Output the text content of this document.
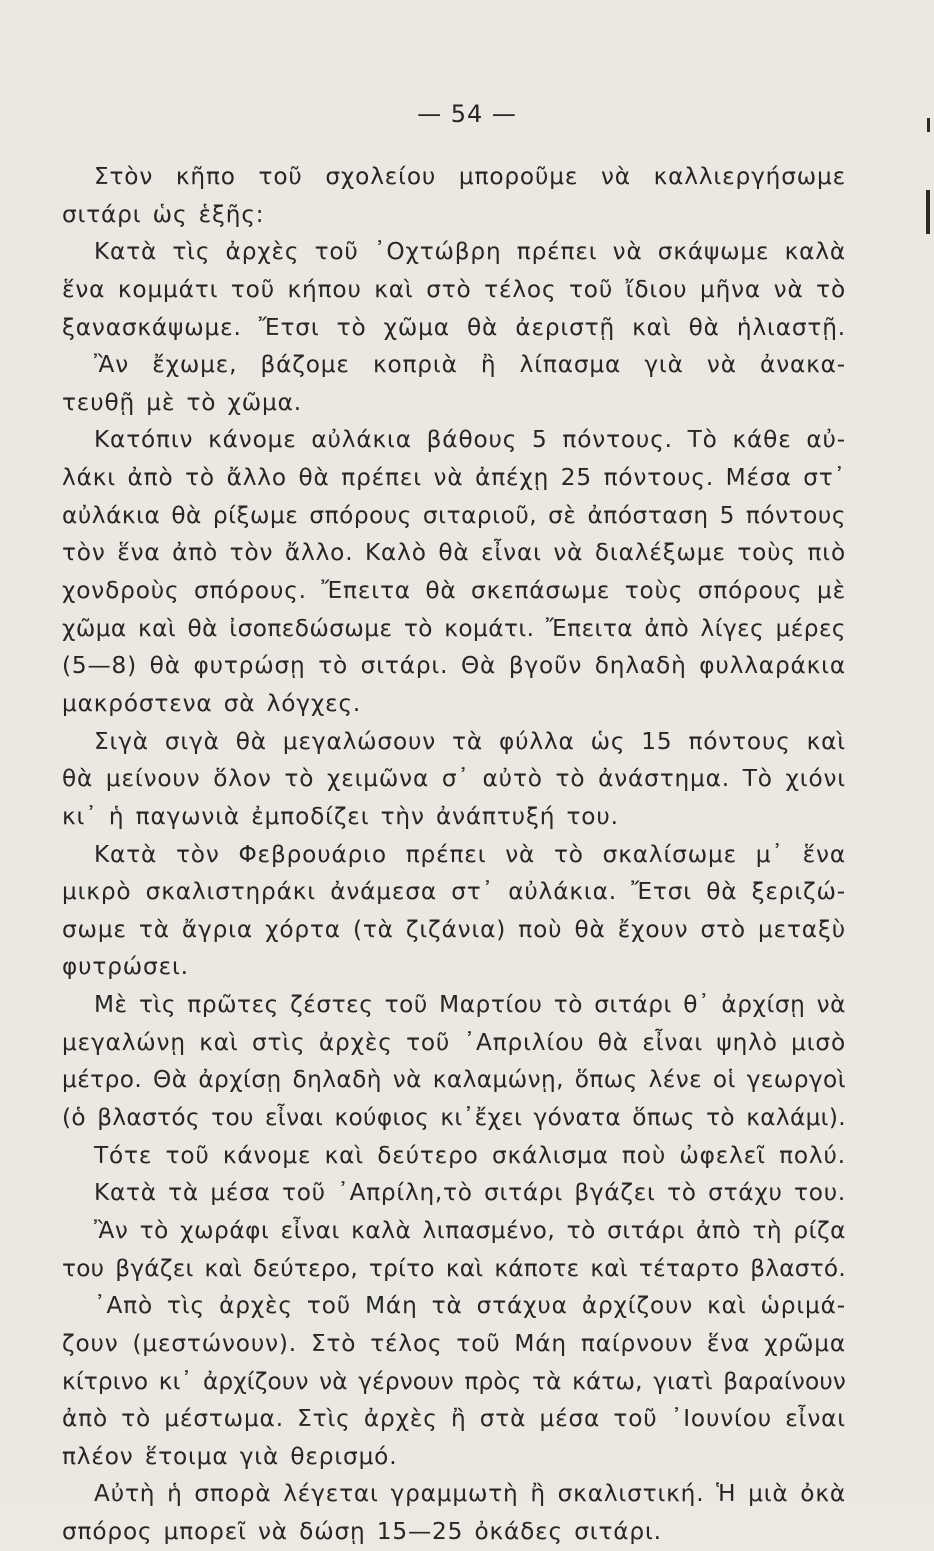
— 54 —
Στὸν κῆπο τοῦ σχολείου μποροῦμε νὰ καλλιεργήσωμε
σιτάρι ὡς ἑξῆς:
Κατὰ τὶς ἀρχὲς τοῦ ᾿Οχτώβρη πρέπει νὰ σκάψωμε καλὰ
ἕνα κομμάτι τοῦ κήπου καὶ στὸ τέλος τοῦ ἴδιου μῆνα νὰ τὸ
ξανασκάψωμε. Ἔτσι τὸ χῶμα θὰ ἀεριστῇ καὶ θὰ ἡλιαστῇ.
Ἂν ἔχωμε, βάζομε κοπριὰ ἢ λίπασμα γιὰ νὰ ἀνακα-
τευθῇ μὲ τὸ χῶμα.
Κατόπιν κάνομε αὐλάκια βάθους 5 πόντους. Τὸ κάθε αὐ-
λάκι ἀπὸ τὸ ἄλλο θὰ πρέπει νὰ ἀπέχῃ 25 πόντους. Μέσα στ᾿
αὐλάκια θὰ ρίξωμε σπόρους σιταριοῦ, σὲ ἀπόσταση 5 πόντους
τὸν ἕνα ἀπὸ τὸν ἄλλο. Καλὸ θὰ εἶναι νὰ διαλέξωμε τοὺς πιὸ
χονδροὺς σπόρους. Ἔπειτα θὰ σκεπάσωμε τοὺς σπόρους μὲ
χῶμα καὶ θὰ ἰσοπεδώσωμε τὸ κομάτι. Ἔπειτα ἀπὸ λίγες μέρες
(5—8) θὰ φυτρώσῃ τὸ σιτάρι. Θὰ βγοῦν δηλαδὴ φυλλαράκια
μακρόστενα σὰ λόγχες.
Σιγὰ σιγὰ θὰ μεγαλώσουν τὰ φύλλα ὡς 15 πόντους καὶ
θὰ μείνουν ὅλον τὸ χειμῶνα σ᾿ αὐτὸ τὸ ἀνάστημα. Τὸ χιόνι
κι᾿ ἡ παγωνιὰ ἐμποδίζει τὴν ἀνάπτυξή του.
Κατὰ τὸν Φεβρουάριο πρέπει νὰ τὸ σκαλίσωμε μ᾿ ἕνα
μικρὸ σκαλιστηράκι ἀνάμεσα στ᾿ αὐλάκια. Ἔτσι θὰ ξεριζώ-
σωμε τὰ ἄγρια χόρτα (τὰ ζιζάνια) ποὺ θὰ ἔχουν στὸ μεταξὺ
φυτρώσει.
Μὲ τὶς πρῶτες ζέστες τοῦ Μαρτίου τὸ σιτάρι θ᾿ ἀρχίσῃ νὰ
μεγαλώνῃ καὶ στὶς ἀρχὲς τοῦ ᾿Απριλίου θὰ εἶναι ψηλὸ μισὸ
μέτρο. Θὰ ἀρχίσῃ δηλαδὴ νὰ καλαμώνῃ, ὅπως λένε οἱ γεωργοὶ
(ὁ βλαστός του εἶναι κούφιος κι᾿ἔχει γόνατα ὅπως τὸ καλάμι).
Τότε τοῦ κάνομε καὶ δεύτερο σκάλισμα ποὺ ὠφελεῖ πολύ.
Κατὰ τὰ μέσα τοῦ ᾿Απρίλη,τὸ σιτάρι βγάζει τὸ στάχυ του.
Ἂν τὸ χωράφι εἶναι καλὰ λιπασμένο, τὸ σιτάρι ἀπὸ τὴ ρίζα
του βγάζει καὶ δεύτερο, τρίτο καὶ κάποτε καὶ τέταρτο βλαστό.
᾿Απὸ τὶς ἀρχὲς τοῦ Μάη τὰ στάχυα ἀρχίζουν καὶ ὡριμά-
ζουν (μεστώνουν). Στὸ τέλος τοῦ Μάη παίρνουν ἕνα χρῶμα
κίτρινο κι᾿ ἀρχίζουν νὰ γέρνουν πρὸς τὰ κάτω, γιατὶ βαραίνουν
ἀπὸ τὸ μέστωμα. Στὶς ἀρχὲς ἢ στὰ μέσα τοῦ ᾿Ιουνίου εἶναι
πλέον ἕτοιμα γιὰ θερισμό.
Αὐτὴ ἡ σπορὰ λέγεται γραμμωτὴ ἢ σκαλιστική. Ἡ μιὰ ὀκὰ
σπόρος μπορεῖ νὰ δώσῃ 15—25 ὀκάδες σιτάρι.
